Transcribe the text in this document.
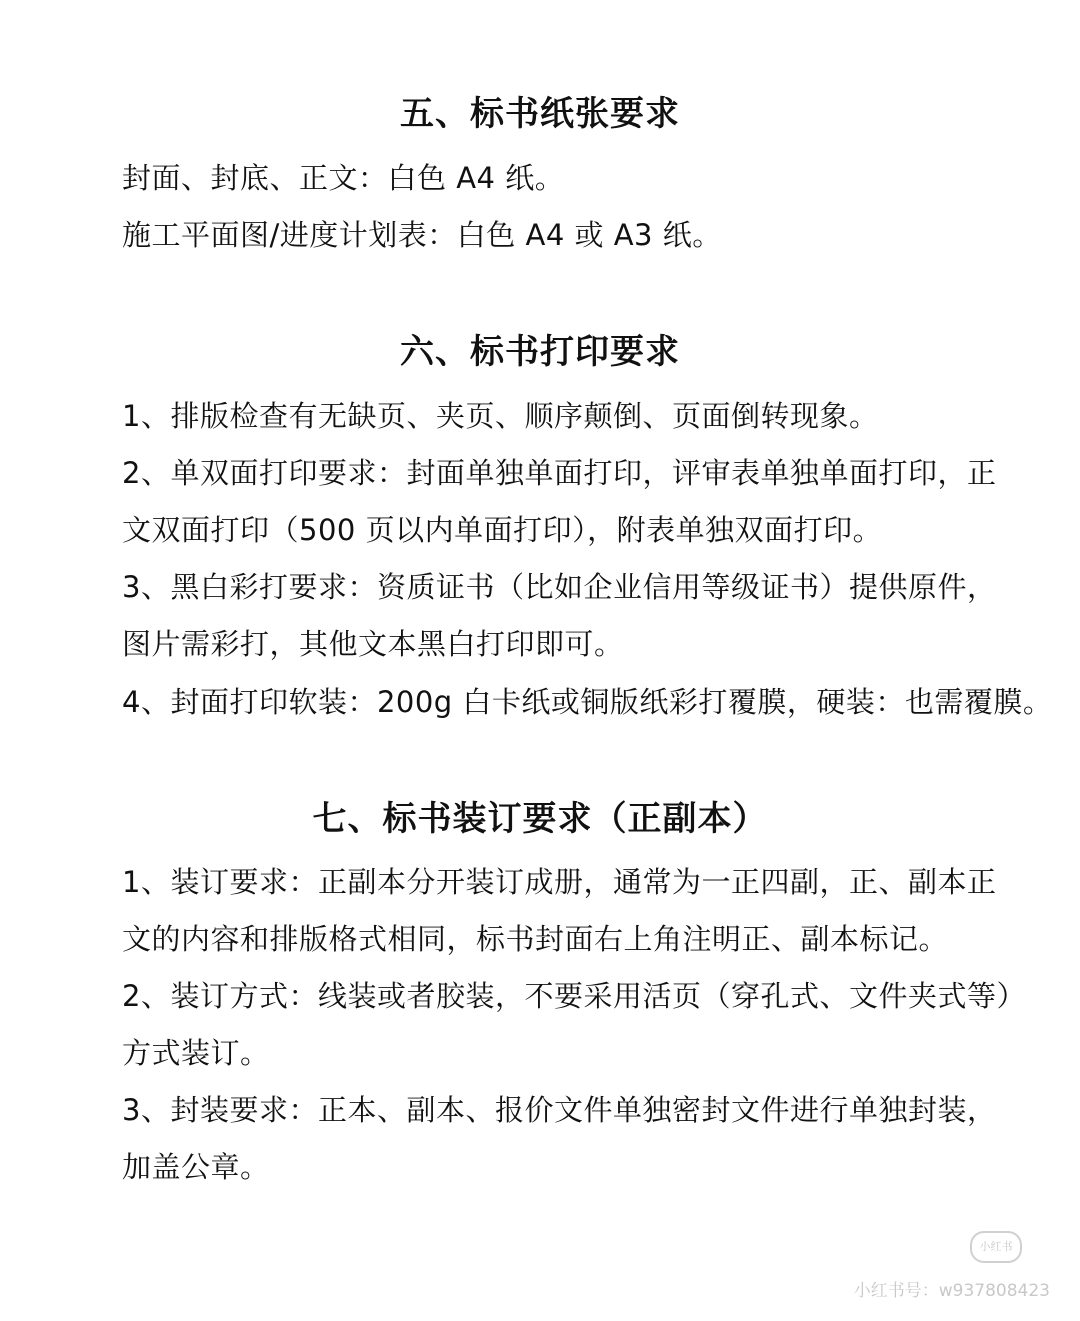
五、标书纸张要求

封面、封底、正文：白色 A4 纸。

施工平面图/进度计划表：白色 A4 或 A3 纸。

六、标书打印要求

1、排版检查有无缺页、夹页、顺序颠倒、页面倒转现象。

2、单双面打印要求：封面单独单面打印，评审表单独单面打印，正

文双面打印（500 页以内单面打印），附表单独双面打印。

3、黑白彩打要求：资质证书（比如企业信用等级证书）提供原件，

图片需彩打，其他文本黑白打印即可。

4、封面打印软装：200g 白卡纸或铜版纸彩打覆膜，硬装：也需覆膜。

七、标书装订要求（正副本）

1、装订要求：正副本分开装订成册，通常为一正四副，正、副本正

文的内容和排版格式相同，标书封面右上角注明正、副本标记。

2、装订方式：线装或者胶装，不要采用活页（穿孔式、文件夹式等）

方式装订。

3、封装要求：正本、副本、报价文件单独密封文件进行单独封装，

加盖公章。

小红书
小红书号：w937808423
